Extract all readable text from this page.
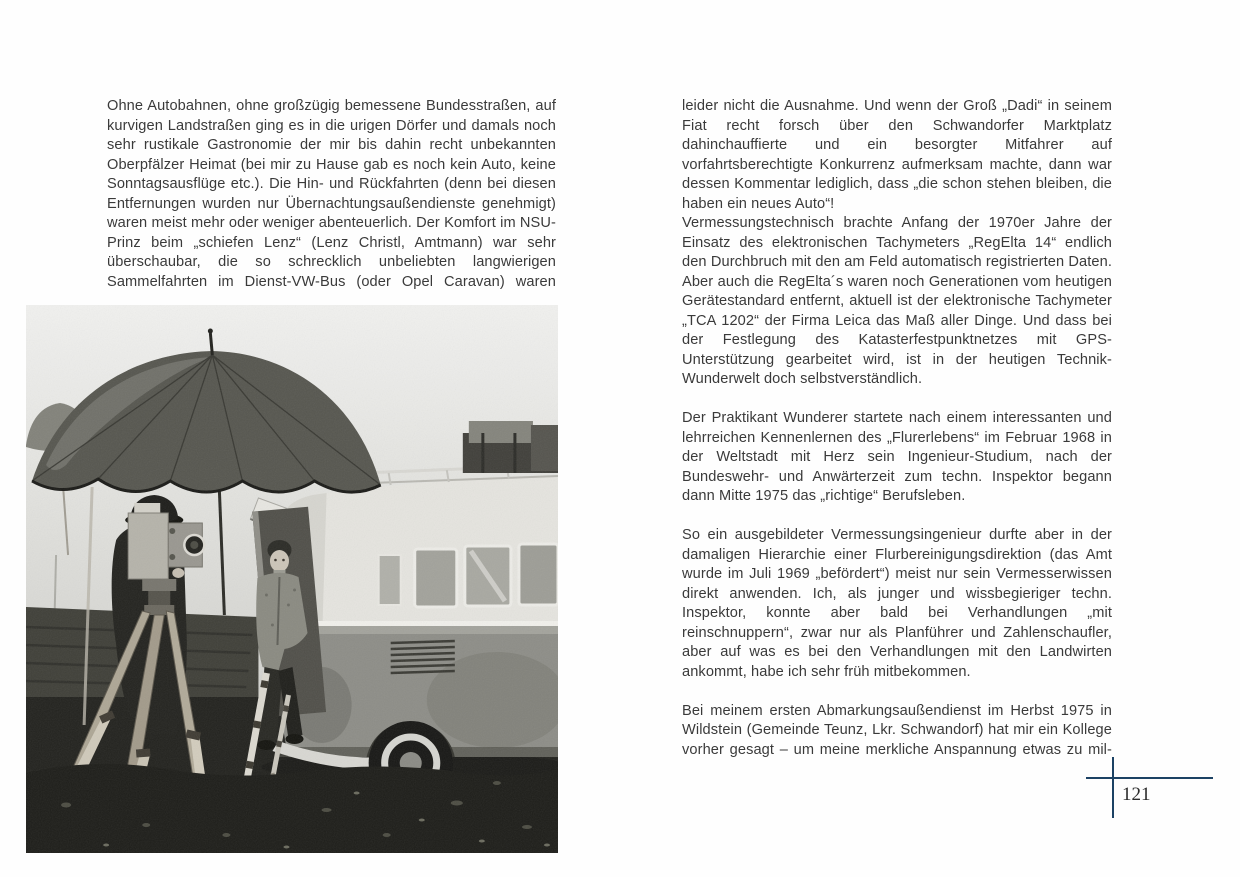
Ohne Autobahnen, ohne großzügig bemessene Bundesstraßen, auf kurvigen Landstraßen ging es in die urigen Dörfer und damals noch sehr rustikale Gastronomie der mir bis dahin recht unbekannten Oberpfälzer Heimat (bei mir zu Hause gab es noch kein Auto, keine Sonntagsausflüge etc.). Die Hin- und Rückfahrten (denn bei diesen Entfernungen wurden nur Übernachtungsaußendienste genehmigt) waren meist mehr oder weniger abenteuerlich. Der Komfort im NSU-Prinz beim „schiefen Lenz“ (Lenz Christl, Amtmann) war sehr überschaubar, die so schrecklich unbeliebten langwierigen Sammelfahrten im Dienst-VW-Bus (oder Opel Caravan) waren

leider nicht die Ausnahme. Und wenn der Groß „Dadi“ in seinem Fiat recht forsch über den Schwandorfer Marktplatz dahinchauffierte und ein besorgter Mitfahrer auf vorfahrtsberechtigte Konkurrenz aufmerksam machte, dann war dessen Kommentar lediglich, dass „die schon stehen bleiben, die haben ein neues Auto“!

Vermessungstechnisch brachte Anfang der 1970er Jahre der Einsatz des elektronischen Tachymeters „RegElta 14“ endlich den Durchbruch mit den am Feld automatisch registrierten Daten. Aber auch die RegElta´s waren noch Generationen vom heutigen Gerätestandard entfernt, aktuell ist der elektronische Tachymeter „TCA 1202“ der Firma Leica das Maß aller Dinge. Und dass bei der Festlegung des Katasterfestpunktnetzes mit GPS-Unterstützung gearbeitet wird, ist in der heutigen Technik-Wunderwelt doch selbstverständlich.

Der Praktikant Wunderer startete nach einem interessanten und lehrreichen Kennenlernen des „Flurerlebens“ im Februar 1968 in der Weltstadt mit Herz sein Ingenieur-Studium, nach der Bundeswehr- und Anwärterzeit zum techn. Inspektor begann dann Mitte 1975 das „richtige“ Berufsleben.

So ein ausgebildeter Vermessungsingenieur durfte aber in der damaligen Hierarchie einer Flurbereinigungsdirektion (das Amt wurde im Juli 1969 „befördert“) meist nur sein Vermesserwissen direkt anwenden. Ich, als junger und wissbegieriger techn. Inspektor, konnte aber bald bei Verhandlungen „mit reinschnuppern“, zwar nur als Planführer und Zahlenschaufler, aber auf was es bei den Verhandlungen mit den Landwirten ankommt, habe ich sehr früh mitbekommen.

Bei meinem ersten Abmarkungsaußendienst im Herbst 1975 in Wildstein (Gemeinde Teunz, Lkr. Schwandorf) hat mir ein Kollege vorher gesagt – um meine merkliche Anspannung etwas zu mil-

121
